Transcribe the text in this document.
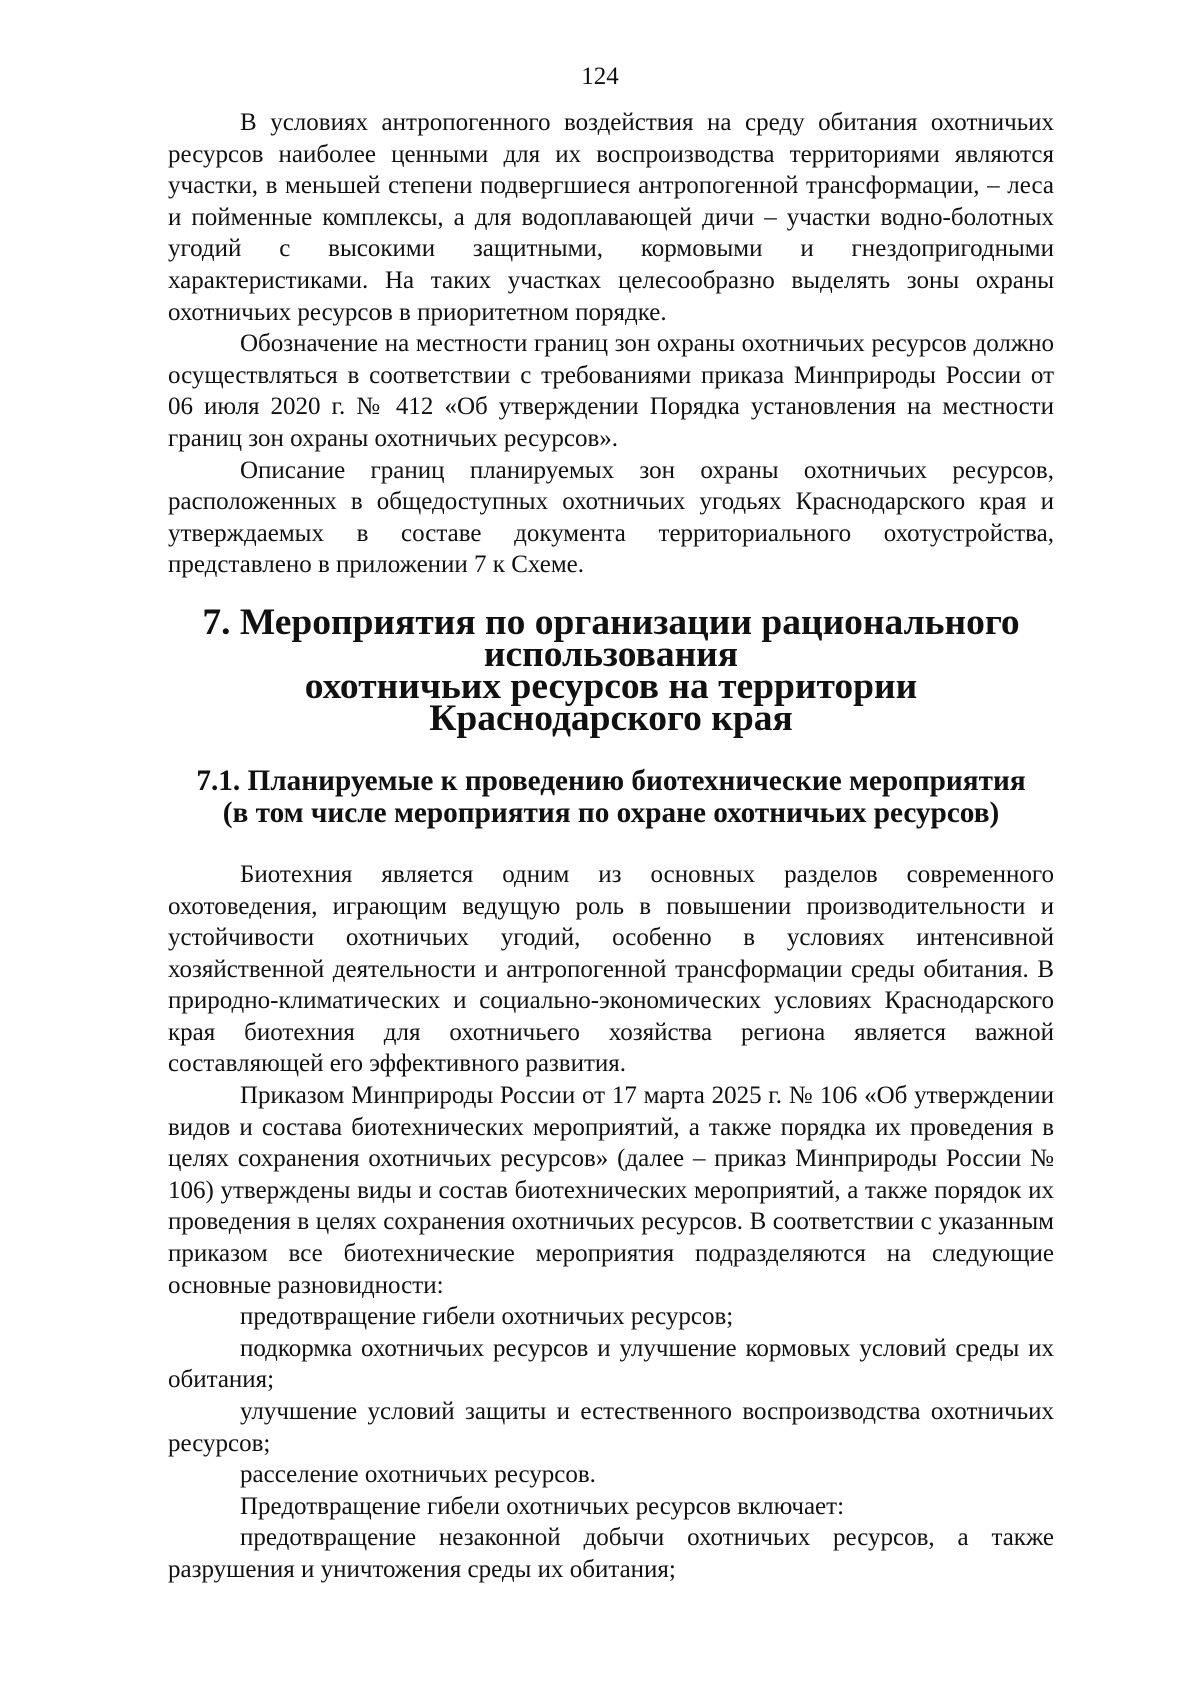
124

В условиях антропогенного воздействия на среду обитания охотничьих ресурсов наиболее ценными для их воспроизводства территориями являются участки, в меньшей степени подвергшиеся антропогенной трансформации, – леса и пойменные комплексы, а для водоплавающей дичи – участки водно-болотных угодий с высокими защитными, кормовыми и гнездопригодными характеристиками. На таких участках целесообразно выделять зоны охраны охотничьих ресурсов в приоритетном порядке.

Обозначение на местности границ зон охраны охотничьих ресурсов должно осуществляться в соответствии с требованиями приказа Минприроды России от 06 июля 2020 г. № 412 «Об утверждении Порядка установления на местности границ зон охраны охотничьих ресурсов».

Описание границ планируемых зон охраны охотничьих ресурсов, расположенных в общедоступных охотничьих угодьях Краснодарского края и утверждаемых в составе документа территориального охотустройства, представлено в приложении 7 к Схеме.

7. Мероприятия по организации рационального использования
охотничьих ресурсов на территории Краснодарского края
7.1. Планируемые к проведению биотехнические мероприятия
(в том числе мероприятия по охране охотничьих ресурсов)

Биотехния является одним из основных разделов современного охотоведения, играющим ведущую роль в повышении производительности и устойчивости охотничьих угодий, особенно в условиях интенсивной хозяйственной деятельности и антропогенной трансформации среды обитания. В природно-климатических и социально-экономических условиях Краснодарского края биотехния для охотничьего хозяйства региона является важной составляющей его эффективного развития.

Приказом Минприроды России от 17 марта 2025 г. № 106 «Об утверждении видов и состава биотехнических мероприятий, а также порядка их проведения в целях сохранения охотничьих ресурсов» (далее – приказ Минприроды России № 106) утверждены виды и состав биотехнических мероприятий, а также порядок их проведения в целях сохранения охотничьих ресурсов. В соответствии с указанным приказом все биотехнические мероприятия подразделяются на следующие основные разновидности:

предотвращение гибели охотничьих ресурсов;

подкормка охотничьих ресурсов и улучшение кормовых условий среды их обитания;

улучшение условий защиты и естественного воспроизводства охотничьих ресурсов;

расселение охотничьих ресурсов.

Предотвращение гибели охотничьих ресурсов включает:

предотвращение незаконной добычи охотничьих ресурсов, а также разрушения и уничтожения среды их обитания;
